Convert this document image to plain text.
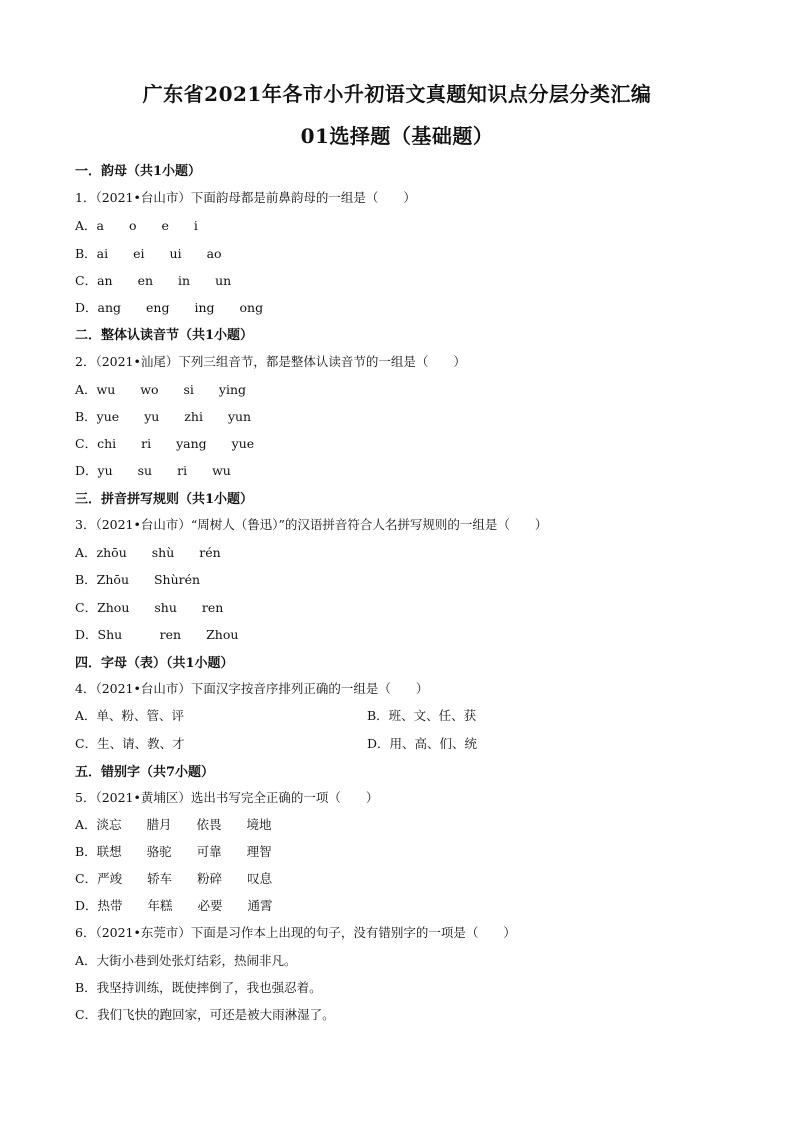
广东省2021年各市小升初语文真题知识点分层分类汇编
01选择题（基础题）
一．韵母（共1小题）
1．（2021•台山市）下面韵母都是前鼻韵母的一组是（　　）
A．a　　o　　e　　i
B．ai　　ei　　ui　　ao
C．an　　en　　in　　un
D．ang　　eng　　ing　　ong
二．整体认读音节（共1小题）
2．（2021•汕尾）下列三组音节，都是整体认读音节的一组是（　　）
A．wu　　wo　　si　　ying
B．yue　　yu　　zhi　　yun
C．chi　　ri　　yang　　yue
D．yu　　su　　ri　　wu
三．拼音拼写规则（共1小题）
3．（2021•台山市）“周树人（鲁迅）”的汉语拼音符合人名拼写规则的一组是（　　）
A．zhōu　　shù　　rén
B．Zhōu　　Shùrén
C．Zhou　　shu　　ren
D．Shu　　　ren　　Zhou
四．字母（表）（共1小题）
4．（2021•台山市）下面汉字按音序排列正确的一组是（　　）
A．单、粉、管、评	B．班、文、任、获
C．生、请、教、才	D．用、高、们、统
五．错别字（共7小题）
5．（2021•黄埔区）选出书写完全正确的一项（　　）
A．淡忘　　腊月　　依畏　　境地
B．联想　　骆驼　　可靠　　理智
C．严竣　　轿车　　粉碎　　叹息
D．热带　　年糕　　必要　　通霄
6．（2021•东莞市）下面是习作本上出现的句子，没有错别字的一项是（　　）
A．大街小巷到处张灯结彩，热闹非凡。
B．我坚持训练，既使摔倒了，我也强忍着。
C．我们飞快的跑回家，可还是被大雨淋湿了。
